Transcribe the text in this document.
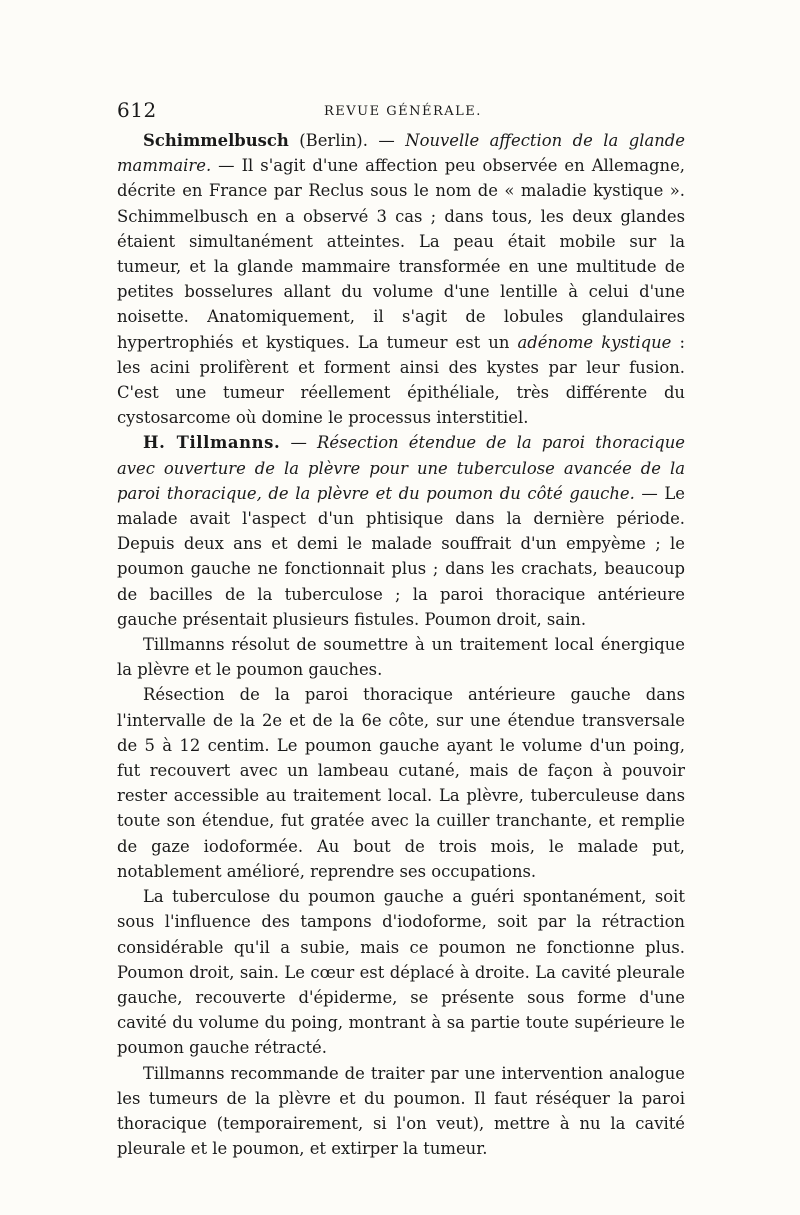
612	REVUE GÉNÉRALE.

Schimmelbusch (Berlin). — Nouvelle affection de la glande mammaire. — Il s'agit d'une affection peu observée en Allemagne, décrite en France par Reclus sous le nom de « maladie kystique ». Schimmelbusch en a observé 3 cas ; dans tous, les deux glandes étaient simultanément atteintes. La peau était mobile sur la tumeur, et la glande mammaire transformée en une multitude de petites bosselures allant du volume d'une lentille à celui d'une noisette. Anatomiquement, il s'agit de lobules glandulaires hypertrophiés et kystiques. La tumeur est un adénome kystique : les acini prolifèrent et forment ainsi des kystes par leur fusion. C'est une tumeur réellement épithéliale, très différente du cystosarcome où domine le processus interstitiel.

H. Tillmanns. — Résection étendue de la paroi thoracique avec ouverture de la plèvre pour une tuberculose avancée de la paroi thoracique, de la plèvre et du poumon du côté gauche. — Le malade avait l'aspect d'un phtisique dans la dernière période. Depuis deux ans et demi le malade souffrait d'un empyème ; le poumon gauche ne fonctionnait plus ; dans les crachats, beaucoup de bacilles de la tuberculose ; la paroi thoracique antérieure gauche présentait plusieurs fistules. Poumon droit, sain.

Tillmanns résolut de soumettre à un traitement local énergique la plèvre et le poumon gauches.

Résection de la paroi thoracique antérieure gauche dans l'intervalle de la 2e et de la 6e côte, sur une étendue transversale de 5 à 12 centim. Le poumon gauche ayant le volume d'un poing, fut recouvert avec un lambeau cutané, mais de façon à pouvoir rester accessible au traitement local. La plèvre, tuberculeuse dans toute son étendue, fut gratée avec la cuiller tranchante, et remplie de gaze iodoformée. Au bout de trois mois, le malade put, notablement amélioré, reprendre ses occupations.

La tuberculose du poumon gauche a guéri spontanément, soit sous l'influence des tampons d'iodoforme, soit par la rétraction considérable qu'il a subie, mais ce poumon ne fonctionne plus. Poumon droit, sain. Le cœur est déplacé à droite. La cavité pleurale gauche, recouverte d'épiderme, se présente sous forme d'une cavité du volume du poing, montrant à sa partie toute supérieure le poumon gauche rétracté.

Tillmanns recommande de traiter par une intervention analogue les tumeurs de la plèvre et du poumon. Il faut réséquer la paroi thoracique (temporairement, si l'on veut), mettre à nu la cavité pleurale et le poumon, et extirper la tumeur.
